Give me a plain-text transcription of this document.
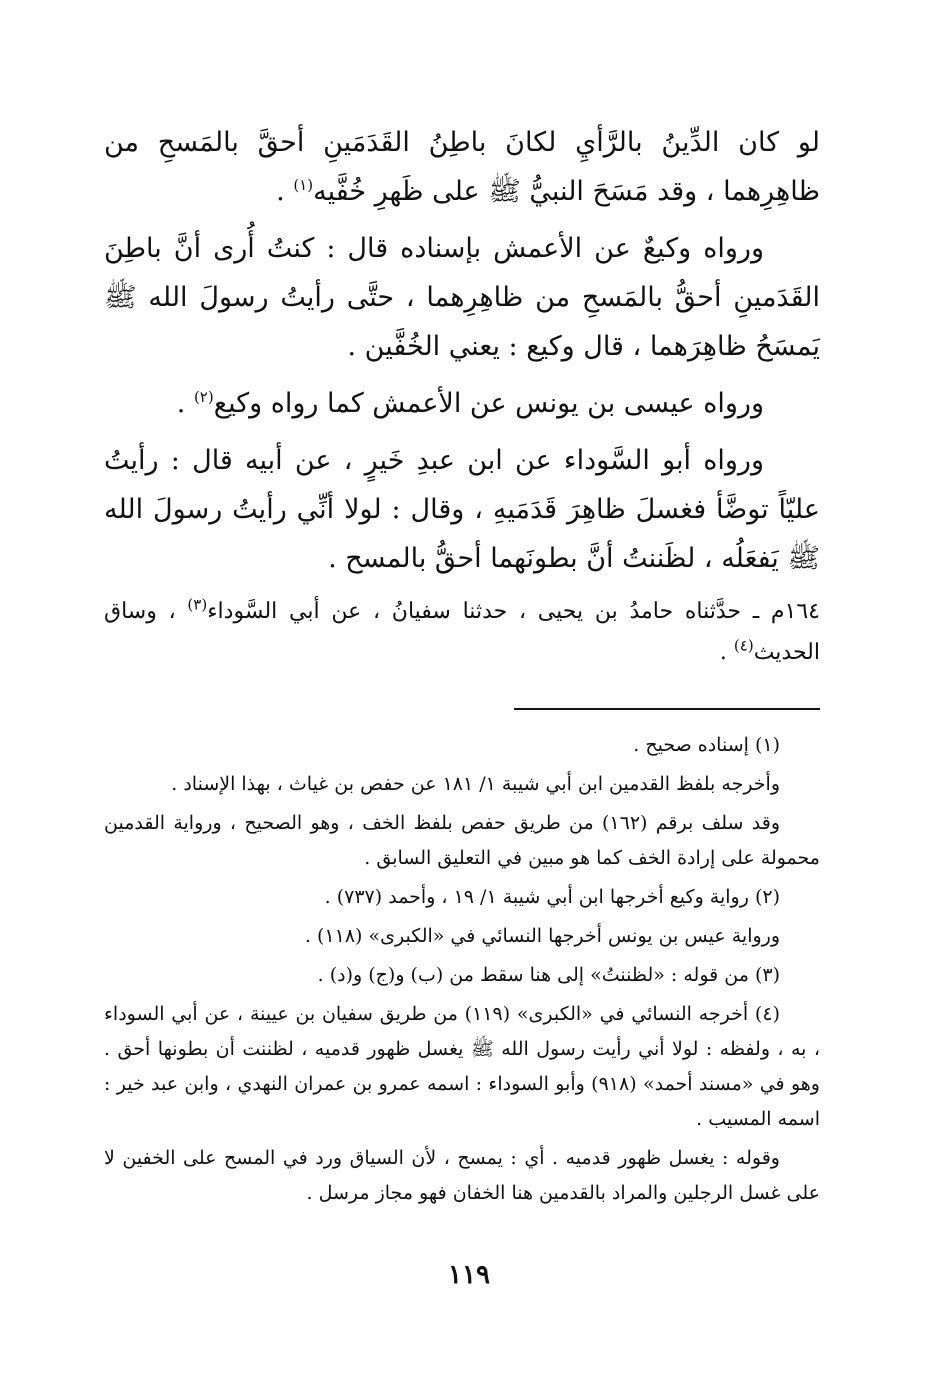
لو كان الدِّينُ بالرَّأيِ لكانَ باطِنُ القَدَمَينِ أحقَّ بالمَسحِ من ظاهِرِهما ، وقد مَسَحَ النبيُّ ﷺ على ظَهرِ خُفَّيه$^{(١)}$ .

ورواه وكيعٌ عن الأعمش بإسناده قال : كنتُ أُرى أنَّ باطِنَ القَدَمينِ أحقُّ بالمَسحِ من ظاهِرِهما ، حتَّى رأيتُ رسولَ الله ﷺ يَمسَحُ ظاهِرَهما ، قال وكيع : يعني الخُفَّين .

ورواه عيسى بن يونس عن الأعمش كما رواه وكيع$^{(٢)}$ .

ورواه أبو السَّوداء عن ابن عبدِ خَيرٍ ، عن أبيه قال : رأيتُ عليّاً توضَّأ فغسلَ ظاهِرَ قَدَمَيهِ ، وقال : لولا أنِّي رأيتُ رسولَ الله ﷺ يَفعَلُه ، لظَننتُ أنَّ بطونَهما أحقُّ بالمسح .

١٦٤م ـ حدَّثناه حامدُ بن يحيى ، حدثنا سفيانُ ، عن أبي السَّوداء$^{(٣)}$ ، وساق الحديث$^{(٤)}$ .

(١) إسناده صحيح .

وأخرجه بلفظ القدمين ابن أبي شيبة ١/ ١٨١ عن حفص بن غياث ، بهذا الإسناد .

وقد سلف برقم (١٦٢) من طريق حفص بلفظ الخف ، وهو الصحيح ، ورواية القدمين محمولة على إرادة الخف كما هو مبين في التعليق السابق .

(٢) رواية وكيع أخرجها ابن أبي شيبة ١/ ١٩ ، وأحمد (٧٣٧) .

ورواية عيس بن يونس أخرجها النسائي في «الكبرى» (١١٨) .

(٣) من قوله : «لظننتُ» إلى هنا سقط من (ب) و(ج) و(د) .

(٤) أخرجه النسائي في «الكبرى» (١١٩) من طريق سفيان بن عيينة ، عن أبي السوداء ، به ، ولفظه : لولا أني رأيت رسول الله ﷺ يغسل ظهور قدميه ، لظننت أن بطونها أحق . وهو في «مسند أحمد» (٩١٨) وأبو السوداء : اسمه عمرو بن عمران النهدي ، وابن عبد خير : اسمه المسيب .

وقوله : يغسل ظهور قدميه . أي : يمسح ، لأن السياق ورد في المسح على الخفين لا على غسل الرجلين والمراد بالقدمين هنا الخفان فهو مجاز مرسل .

١١٩
